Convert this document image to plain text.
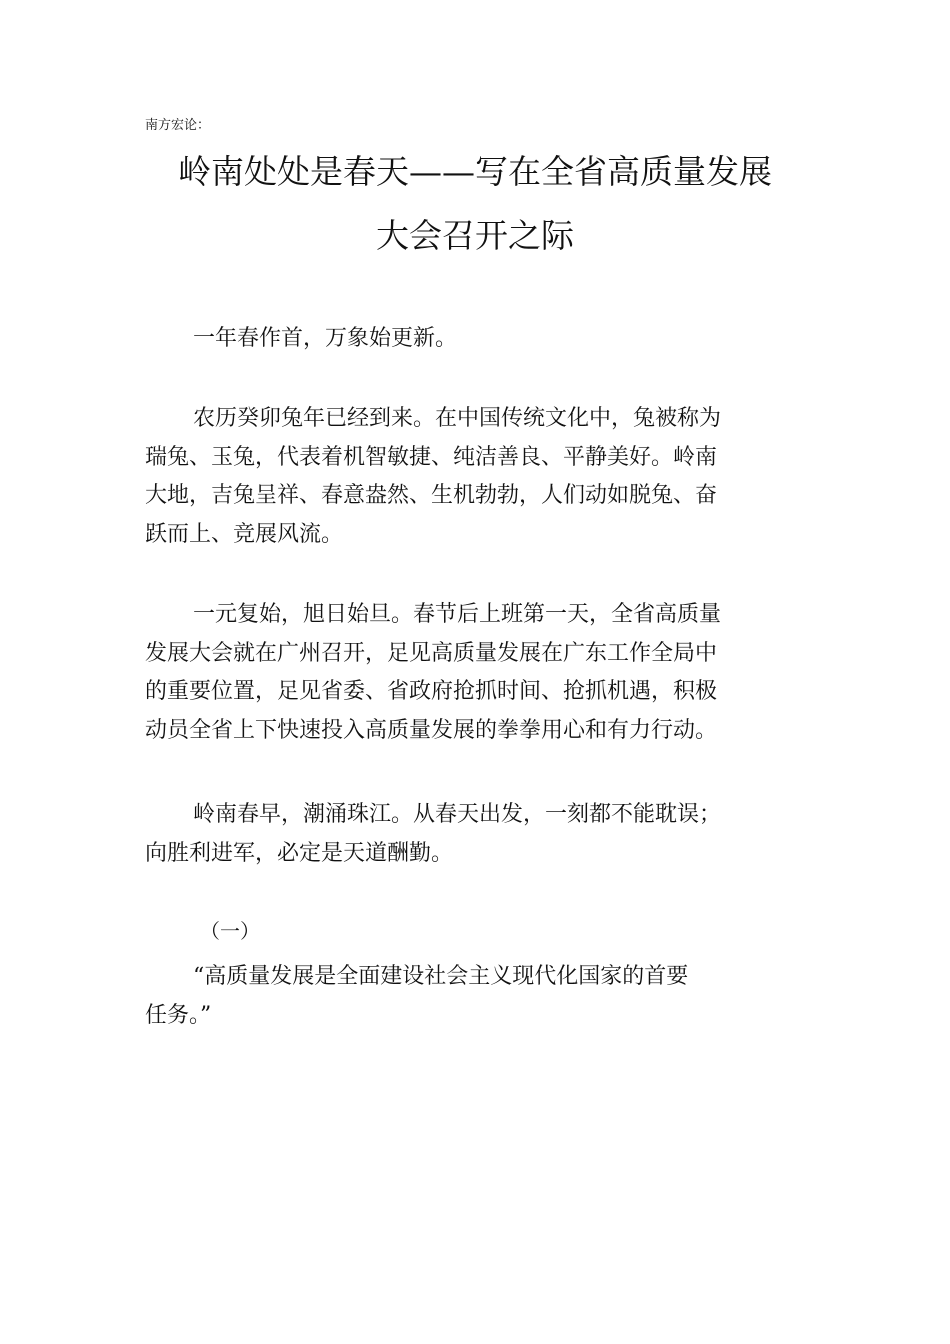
南方宏论：
岭南处处是春天——写在全省高质量发展
大会召开之际
一年春作首，万象始更新。
农历癸卯兔年已经到来。在中国传统文化中，兔被称为
瑞兔、玉兔，代表着机智敏捷、纯洁善良、平静美好。岭南
大地，吉兔呈祥、春意盎然、生机勃勃，人们动如脱兔、奋
跃而上、竞展风流。
一元复始，旭日始旦。春节后上班第一天，全省高质量
发展大会就在广州召开，足见高质量发展在广东工作全局中
的重要位置，足见省委、省政府抢抓时间、抢抓机遇，积极
动员全省上下快速投入高质量发展的拳拳用心和有力行动。
岭南春早，潮涌珠江。从春天出发，一刻都不能耽误；
向胜利进军，必定是天道酬勤。
（一）
“高质量发展是全面建设社会主义现代化国家的首要
任务。”
